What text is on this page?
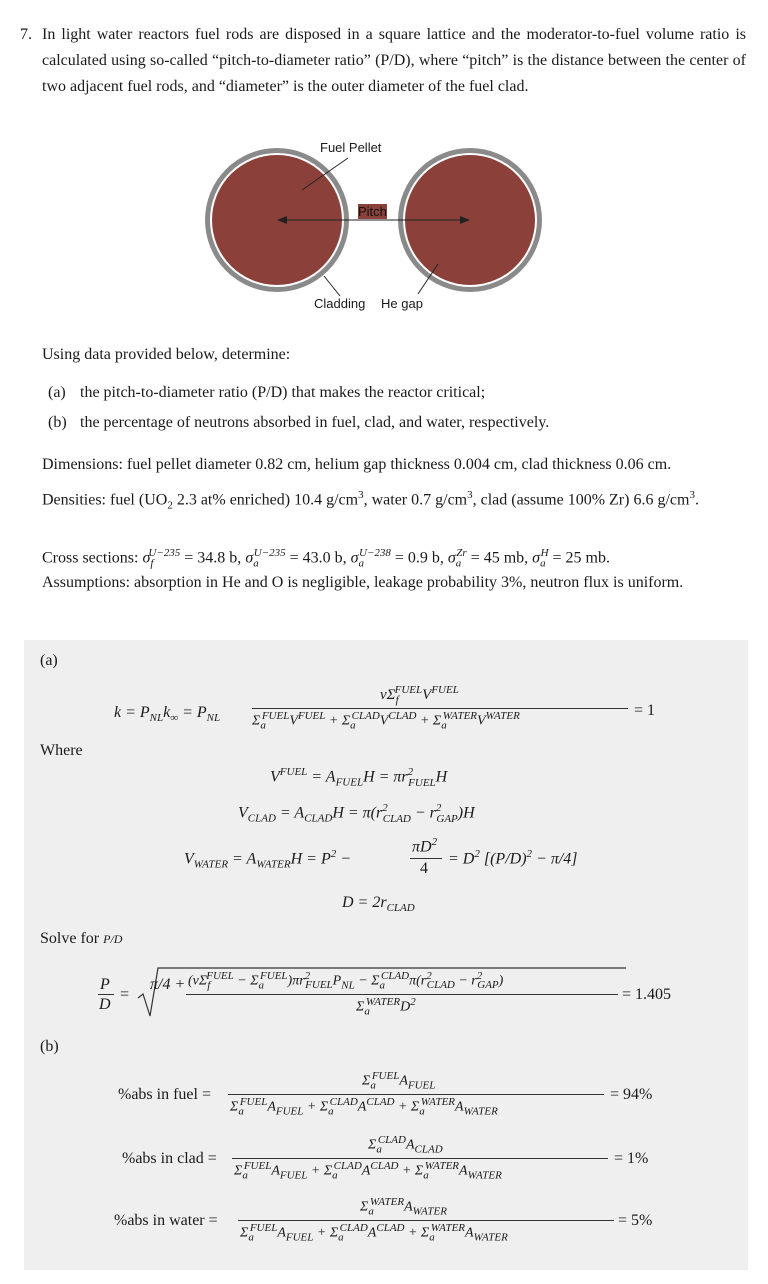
7. In light water reactors fuel rods are disposed in a square lattice and the moderator-to-fuel volume ratio is calculated using so-called “pitch-to-diameter ratio” (P/D), where “pitch” is the distance between the center of two adjacent fuel rods, and “diameter” is the outer diameter of the fuel clad.
Fuel Pellet
Pitch
Cladding He gap
Using data provided below, determine:
(a) the pitch-to-diameter ratio (P/D) that makes the reactor critical;
(b) the percentage of neutrons absorbed in fuel, clad, and water, respectively.
Dimensions: fuel pellet diameter 0.82 cm, helium gap thickness 0.004 cm, clad thickness 0.06 cm.
Densities: fuel ($UO_2$ 2.3 at% enriched) 10.4 $g/cm^3$, water 0.7 $g/cm^3$, clad (assume 100% Zr) 6.6 $g/cm^3$.
Cross sections: $\sigma_f^{U-235} = 34.8$ b, $\sigma_a^{U-235} = 43.0$ b, $\sigma_a^{U-238} = 0.9$ b, $\sigma_a^{Zr} = 45$ mb, $\sigma_a^H = 25$ mb.
Assumptions: absorption in He and O is negligible, leakage probability 3%, neutron flux is uniform.
(a)
$k = P_{NL}k_\infty = P_{NL}$
$\nu\Sigma_f^{FUEL}V^{FUEL}$
$\Sigma_a^{FUEL}V^{FUEL} + \Sigma_a^{CLAD}V^{CLAD} + \Sigma_a^{WATER}V^{WATER}$	= 1
Where
$V^{FUEL} = A_{FUEL}H = \pi r^2_{FUEL}H$
$V_{CLAD} = A_{CLAD}H = \pi(r^2_{CLAD} - r^2_{GAP})H$
$V_{WATER} = A_{WATER}H = P^2$ −
$\pi D^2$
4
= $D^2$ $[(P/D)^2 - \pi/4]$
$D = 2r_{CLAD}$
Solve for P/D
P
D
=
$\pi/4 + (\nu\Sigma_f^{FUEL} - \Sigma_a^{FUEL})\pi r^2_{FUEL}P_{NL} - \Sigma_a^{CLAD}\pi(r^2_{CLAD} - r^2_{GAP})$
$\Sigma_a^{WATER}D^2$	= 1.405
(b)
%abs in fuel =
$\Sigma_a^{FUEL}A_{FUEL}$
$\Sigma_a^{FUEL}A_{FUEL} + \Sigma_a^{CLAD}A^{CLAD} + \Sigma_a^{WATER}A_{WATER}$
= 94%
%abs in clad =
$\Sigma_a^{CLAD}A_{CLAD}$
$\Sigma_a^{FUEL}A_{FUEL} + \Sigma_a^{CLAD}A^{CLAD} + \Sigma_a^{WATER}A_{WATER}$
= 1%
%abs in water =
$\Sigma_a^{WATER}A_{WATER}$
$\Sigma_a^{FUEL}A_{FUEL} + \Sigma_a^{CLAD}A^{CLAD} + \Sigma_a^{WATER}A_{WATER}$
= 5%
